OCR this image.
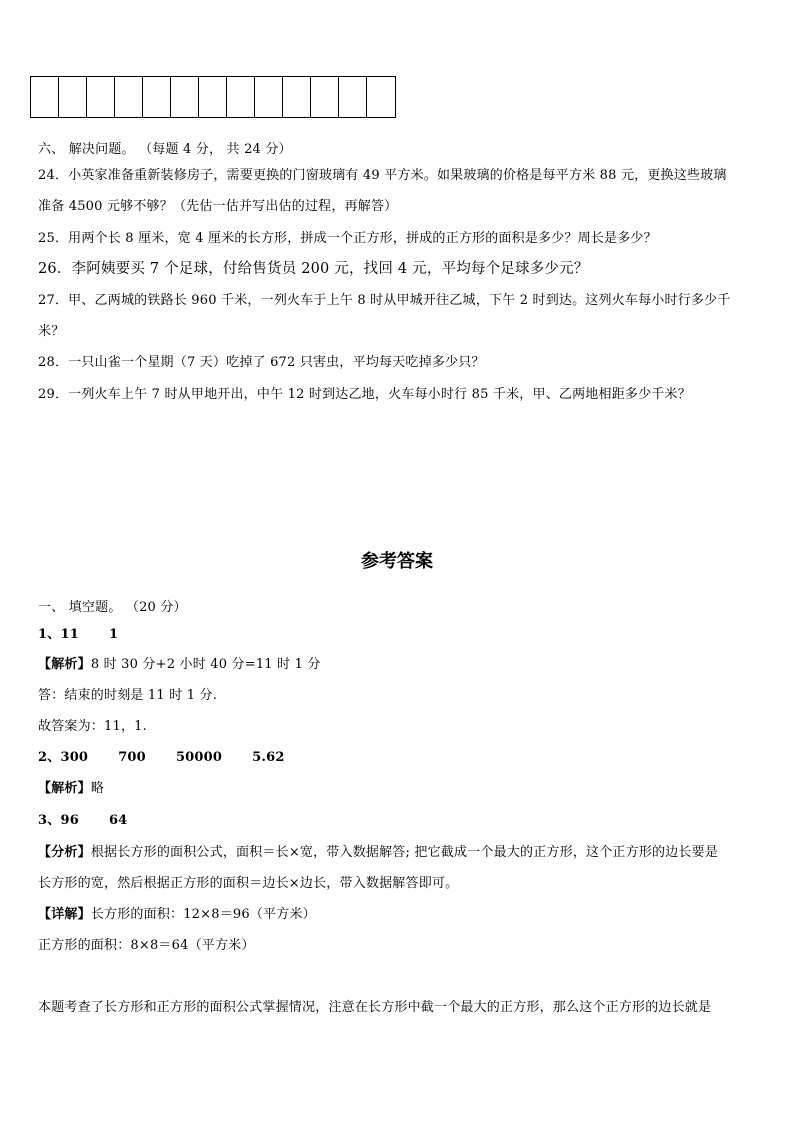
六、 解决问题。 （每题 4 分， 共 24 分）
24．小英家准备重新装修房子，需要更换的门窗玻璃有 49 平方米。如果玻璃的价格是每平方米 88 元，更换这些玻璃
准备 4500 元够不够？（先估一估并写出估的过程，再解答）
25．用两个长 8 厘米，宽 4 厘米的长方形，拼成一个正方形，拼成的正方形的面积是多少？周长是多少？
26．李阿姨要买 7 个足球，付给售货员 200 元，找回 4 元，平均每个足球多少元？
27．甲、乙两城的铁路长 960 千米，一列火车于上午 8 时从甲城开往乙城，下午 2 时到达。这列火车每小时行多少千
米？
28．一只山雀一个星期（7 天）吃掉了 672 只害虫，平均每天吃掉多少只？
29．一列火车上午 7 时从甲地开出，中午 12 时到达乙地，火车每小时行 85 千米，甲、乙两地相距多少千米？
参考答案
一、 填空题。 （20 分）
1、11 1
【解析】8 时 30 分+2 小时 40 分=11 时 1 分
答：结束的时刻是 11 时 1 分.
故答案为：11，1.
2、300 700 50000 5.62
【解析】略
3、96 64
【分析】根据长方形的面积公式，面积＝长×宽，带入数据解答; 把它截成一个最大的正方形，这个正方形的边长要是
长方形的宽，然后根据正方形的面积＝边长×边长，带入数据解答即可。
【详解】长方形的面积：12×8＝96（平方米）
正方形的面积：8×8＝64（平方米）
本题考查了长方形和正方形的面积公式掌握情况，注意在长方形中截一个最大的正方形，那么这个正方形的边长就是
